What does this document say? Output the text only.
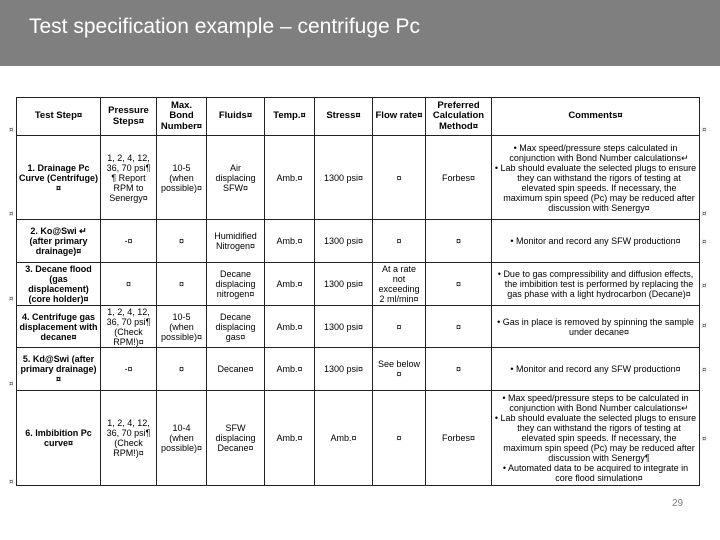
Test specification example – centrifuge Pc
Test Step¤	Pressure Steps¤	Max. Bond Number¤	Fluids¤	Temp.¤	Stress¤	Flow rate¤	Preferred Calculation Method¤	Comments¤
1. Drainage Pc Curve (Centrifuge)¤	1, 2, 4, 12, 36, 70 psi¶ ¶ Report RPM to Senergy¤	10-5 (when possible)¤	Air displacing SFW¤	Amb.¤	1300 psi¤	¤	Forbes¤	• Max speed/pressure steps calculated in conjunction with Bond Number calculations↵
• Lab should evaluate the selected plugs to ensure they can withstand the rigors of testing at elevated spin speeds. If necessary, the maximum spin speed (Pc) may be reduced after discussion with Senergy¤

2. Ko@Swi ↵ (after primary drainage)¤	-¤	¤	Humidified Nitrogen¤	Amb.¤	1300 psi¤	¤	¤	• Monitor and record any SFW production¤

3. Decane flood (gas displacement) (core holder)¤	¤	¤	Decane displacing nitrogen¤	Amb.¤	1300 psi¤	At a rate not exceeding 2 ml/min¤	¤	• Due to gas compressibility and diffusion effects, the imbibition test is performed by replacing the gas phase with a light hydrocarbon (Decane)¤

4. Centrifuge gas displacement with decane¤	1, 2, 4, 12, 36, 70 psi¶ (Check RPM!)¤	10-5 (when possible)¤	Decane displacing gas¤	Amb.¤	1300 psi¤	¤	¤	• Gas in place is removed by spinning the sample under decane¤

5. Kd@Swi (after primary drainage)¤	-¤	¤	Decane¤	Amb.¤	1300 psi¤	See below ¤	¤	• Monitor and record any SFW production¤

6. Imbibition Pc curve¤	1, 2, 4, 12, 36, 70 psi¶ (Check RPM!)¤	10-4 (when possible)¤	SFW displacing Decane¤	Amb.¤	Amb.¤	¤	Forbes¤	• Max speed/pressure steps to be calculated in conjunction with Bond Number calculations↵
• Lab should evaluate the selected plugs to ensure they can withstand the rigors of testing at elevated spin speeds. If necessary, the maximum spin speed (Pc) may be reduced after discussion with Senergy¶
• Automated data to be acquired to integrate in core flood simulation¤
¤
¤
¤
¤
¤
¤
¤
¤
¤
¤
¤
¤
29
